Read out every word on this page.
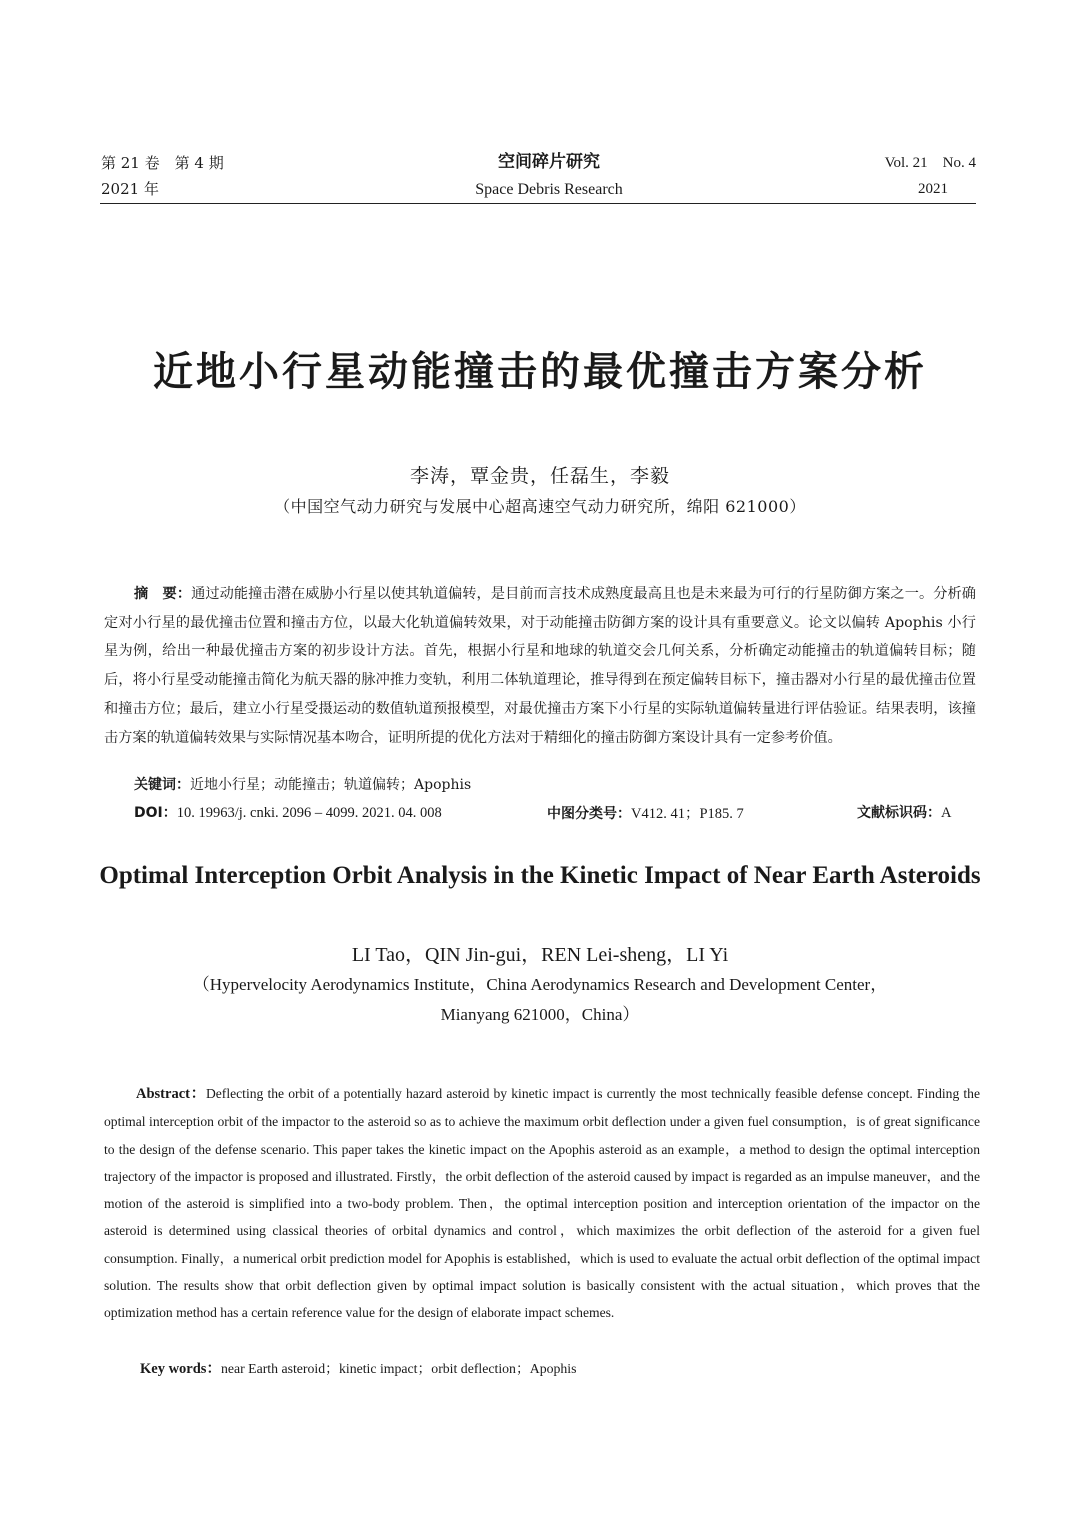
第 21 卷　第 4 期
2021 年
空间碎片研究
Space Debris Research
Vol. 21　No. 4
2021
近地小行星动能撞击的最优撞击方案分析
李涛，覃金贵，任磊生，李毅
（中国空气动力研究与发展中心超高速空气动力研究所，绵阳 621000）
摘　要：通过动能撞击潜在威胁小行星以使其轨道偏转，是目前而言技术成熟度最高且也是未来最为可行的行星防御方案之一。分析确定对小行星的最优撞击位置和撞击方位，以最大化轨道偏转效果，对于动能撞击防御方案的设计具有重要意义。论文以偏转 Apophis 小行星为例，给出一种最优撞击方案的初步设计方法。首先，根据小行星和地球的轨道交会几何关系，分析确定动能撞击的轨道偏转目标；随后，将小行星受动能撞击简化为航天器的脉冲推力变轨，利用二体轨道理论，推导得到在预定偏转目标下，撞击器对小行星的最优撞击位置和撞击方位；最后，建立小行星受摄运动的数值轨道预报模型，对最优撞击方案下小行星的实际轨道偏转量进行评估验证。结果表明，该撞击方案的轨道偏转效果与实际情况基本吻合，证明所提的优化方法对于精细化的撞击防御方案设计具有一定参考价值。
关键词：近地小行星；动能撞击；轨道偏转；Apophis
DOI：10. 19963/j. cnki. 2096 – 4099. 2021. 04. 008	中图分类号：V412. 41；P185. 7	文献标识码：A
Optimal Interception Orbit Analysis in the Kinetic Impact of Near Earth Asteroids
LI Tao，QIN Jin-gui，REN Lei-sheng，LI Yi
（Hypervelocity Aerodynamics Institute，China Aerodynamics Research and Development Center，
Mianyang 621000，China）
Abstract：Deflecting the orbit of a potentially hazard asteroid by kinetic impact is currently the most technically feasible defense concept. Finding the optimal interception orbit of the impactor to the asteroid so as to achieve the maximum orbit deflection under a given fuel consumption，is of great significance to the design of the defense scenario. This paper takes the kinetic impact on the Apophis asteroid as an example，a method to design the optimal interception trajectory of the impactor is proposed and illustrated. Firstly，the orbit deflection of the asteroid caused by impact is regarded as an impulse maneuver，and the motion of the asteroid is simplified into a two-body problem. Then，the optimal interception position and interception orientation of the impactor on the asteroid is determined using classical theories of orbital dynamics and control，which maximizes the orbit deflection of the asteroid for a given fuel consumption. Finally，a numerical orbit prediction model for Apophis is established，which is used to evaluate the actual orbit deflection of the optimal impact solution. The results show that orbit deflection given by optimal impact solution is basically consistent with the actual situation，which proves that the optimization method has a certain reference value for the design of elaborate impact schemes.
Key words：near Earth asteroid；kinetic impact；orbit deflection；Apophis
